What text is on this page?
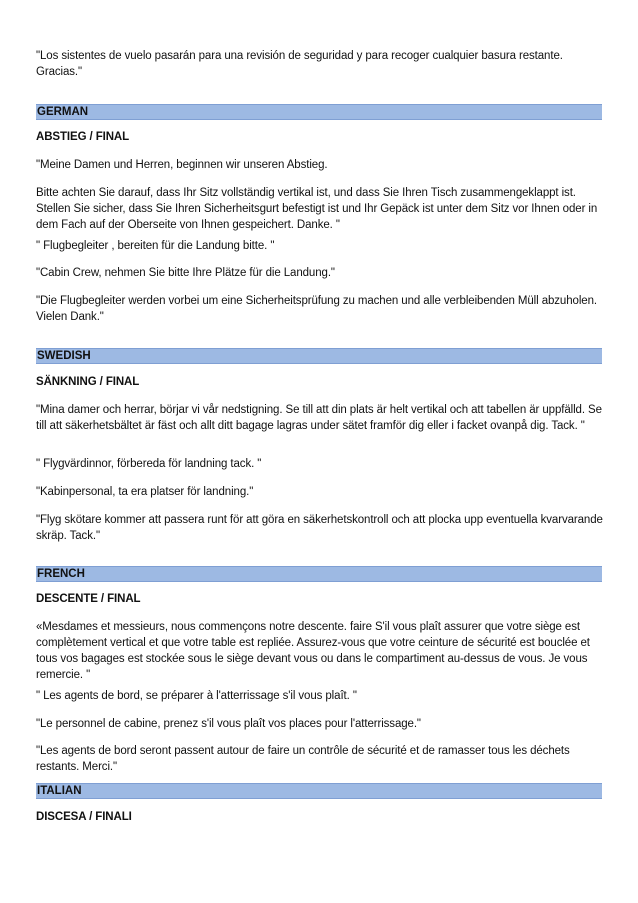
"Los sistentes de vuelo pasarán para una revisión de seguridad y para recoger cualquier basura restante. Gracias."

GERMAN

ABSTIEG / FINAL

"Meine Damen und Herren, beginnen wir unseren Abstieg.

Bitte achten Sie darauf, dass Ihr Sitz vollständig vertikal ist, und dass Sie Ihren Tisch zusammengeklappt ist. Stellen Sie sicher, dass Sie Ihren Sicherheitsgurt befestigt ist und Ihr Gepäck ist unter dem Sitz vor Ihnen oder in dem Fach auf der Oberseite von Ihnen gespeichert. Danke. "

" Flugbegleiter , bereiten für die Landung bitte. "

"Cabin Crew, nehmen Sie bitte Ihre Plätze für die Landung."

"Die Flugbegleiter werden vorbei um eine Sicherheitsprüfung zu machen und alle verbleibenden Müll abzuholen. Vielen Dank."

SWEDISH

SÄNKNING / FINAL

"Mina damer och herrar, börjar vi vår nedstigning. Se till att din plats är helt vertikal och att tabellen är uppfälld. Se till att säkerhetsbältet är fäst och allt ditt bagage lagras under sätet framför dig eller i facket ovanpå dig. Tack. "

" Flygvärdinnor, förbereda för landning tack. "

"Kabinpersonal, ta era platser för landning."

"Flyg skötare kommer att passera runt för att göra en säkerhetskontroll och att plocka upp eventuella kvarvarande skräp. Tack."

FRENCH

DESCENTE / FINAL

«Mesdames et messieurs, nous commençons notre descente. faire S'il vous plaît assurer que votre siège est complètement vertical et que votre table est repliée. Assurez-vous que votre ceinture de sécurité est bouclée et tous vos bagages est stockée sous le siège devant vous ou dans le compartiment au-dessus de vous. Je vous remercie. "

" Les agents de bord, se préparer à l'atterrissage s'il vous plaît. "

"Le personnel de cabine, prenez s'il vous plaît vos places pour l'atterrissage."

"Les agents de bord seront passent autour de faire un contrôle de sécurité et de ramasser tous les déchets restants. Merci."

ITALIAN

DISCESA / FINALI
